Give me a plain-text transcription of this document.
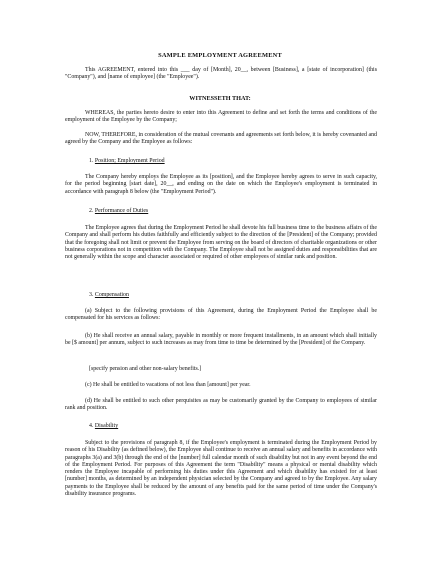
SAMPLE EMPLOYMENT AGREEMENT

This AGREEMENT, entered into this ___ day of [Month], 20__, between [Business], a [state of incorporation] (this "Company"), and [name of employee] (the "Employee").

WITNESSETH THAT:

WHEREAS, the parties hereto desire to enter into this Agreement to define and set forth the terms and conditions of the employment of the Employee by the Company;

NOW, THEREFORE, in consideration of the mutual covenants and agreements set forth below, it is hereby covenanted and agreed by the Company and the Employee as follows:

1. Position; Employment Period

The Company hereby employs the Employee as its [position], and the Employee hereby agrees to serve in such capacity, for the period beginning [start date], 20__, and ending on the date on which the Employee's employment is terminated in accordance with paragraph 8 below (the "Employment Period").

2. Performance of Duties

The Employee agrees that during the Employment Period he shall devote his full business time to the business affairs of the Company and shall perform his duties faithfully and efficiently subject to the direction of the [President] of the Company; provided that the foregoing shall not limit or prevent the Employee from serving on the board of directors of charitable organizations or other business corporations not in competition with the Company. The Employee shall not be assigned duties and responsibilities that are not generally within the scope and character associated or required of other employees of similar rank and position.

3. Compensation

(a) Subject to the following provisions of this Agreement, during the Employment Period the Employee shall be compensated for his services as follows:

(b) He shall receive an annual salary, payable in monthly or more frequent installments, in an amount which shall initially be [$ amount] per annum, subject to such increases as may from time to time be determined by the [President] of the Company.

[specify pension and other non-salary benefits.]

(c) He shall be entitled to vacations of not less than [amount] per year.

(d) He shall be entitled to such other perquisites as may be customarily granted by the Company to employees of similar rank and position.

4. Disability

Subject to the provisions of paragraph 8, if the Employee's employment is terminated during the Employment Period by reason of his Disability (as defined below), the Employee shall continue to receive an annual salary and benefits in accordance with paragraphs 3(a) and 3(b) through the end of the [number] full calendar month of such disability but not in any event beyond the end of the Employment Period. For purposes of this Agreement the term "Disability" means a physical or mental disability which renders the Employee incapable of performing his duties under this Agreement and which disability has existed for at least [number] months, as determined by an independent physician selected by the Company and agreed to by the Employee. Any salary payments to the Employee shall be reduced by the amount of any benefits paid for the same period of time under the Company's disability insurance programs.
